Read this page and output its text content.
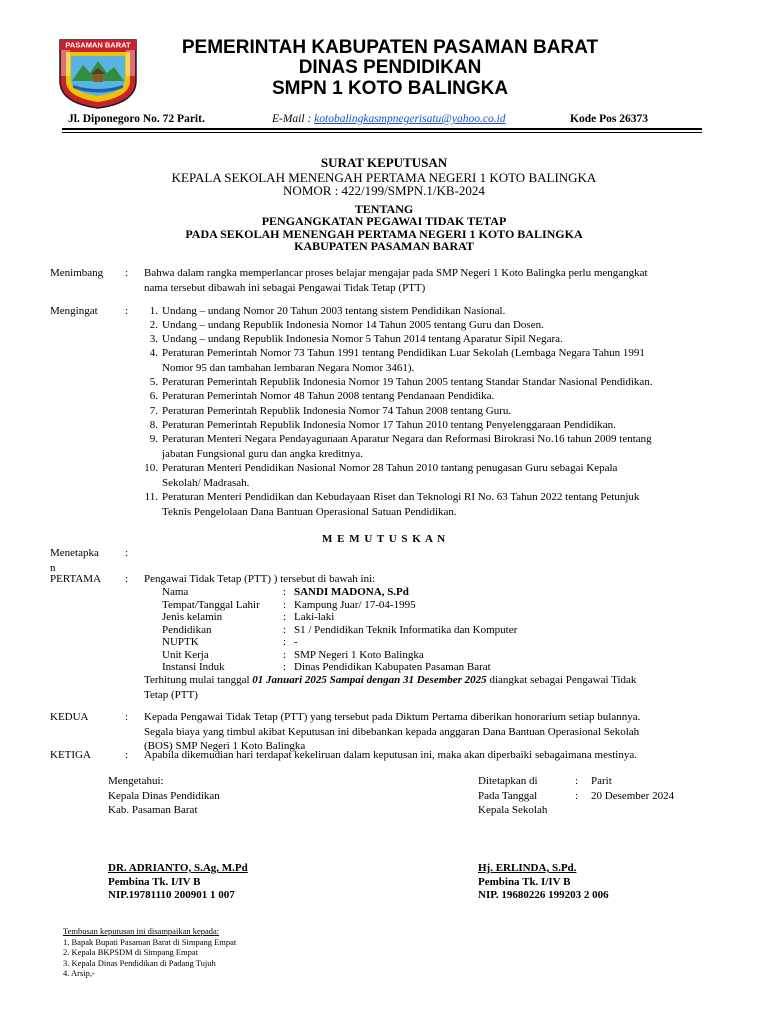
PASAMAN BARAT	PEMERINTAH KABUPATEN PASAMAN BARAT
DINAS PENDIDIKAN
SMPN 1 KOTO BALINGKA
Jl. Diponegoro No. 72 Parit.	E-Mail : kotobalingkasmpnegerisatu@yahoo.co.id	Kode Pos 26373
SURAT KEPUTUSAN
KEPALA SEKOLAH MENENGAH PERTAMA NEGERI 1 KOTO BALINGKA
NOMOR : 422/199/SMPN.1/KB-2024
TENTANG
PENGANGKATAN PEGAWAI TIDAK TETAP
PADA SEKOLAH MENENGAH PERTAMA NEGERI 1 KOTO BALINGKA
KABUPATEN PASAMAN BARAT
Menimbang : Bahwa dalam rangka memperlancar proses belajar mengajar pada SMP Negeri 1 Koto Balingka perlu mengangkat
nama tersebut dibawah ini sebagai Pengawai Tidak Tetap (PTT)
Mengingat :	1. Undang – undang Nomor 20 Tahun 2003 tentang sistem Pendidikan Nasional.
2. Undang – undang Republik Indonesia Nomor 14 Tahun 2005 tentang Guru dan Dosen.
3. Undang – undang Republik Indonesia Nomor 5 Tahun 2014 tentang Aparatur Sipil Negara.
4. Peraturan Pemerintah Nomor 73 Tahun 1991 tentang Pendidikan Luar Sekolah (Lembaga Negara Tahun 1991
Nomor 95 dan tambahan lembaran Negara Nomor 3461).
5. Peraturan Pemerintah Republik Indonesia Nomor 19 Tahun 2005 tentang Standar Standar Nasional Pendidikan.
6. Peraturan Pemerintah Nomor 48 Tahun 2008 tentang Pendanaan Pendidika.
7. Peraturan Pemerintah Republik Indonesia Nomor 74 Tahun 2008 tentang Guru.
8. Peraturan Pemerintah Republik Indonesia Nomor 17 Tahun 2010 tentang Penyelenggaraan Pendidikan.
9. Peraturan Menteri Negara Pendayagunaan Aparatur Negara dan Reformasi Birokrasi No.16 tahun 2009 tentang
jabatan Fungsional guru dan angka kreditnya.
10. Peraturan Menteri Pendidikan Nasional Nomor 28 Tahun 2010 tantang penugasan Guru sebagai Kepala
Sekolah/ Madrasah.
11. Peraturan Menteri Pendidikan dan Kebudayaan Riset dan Teknologi RI No. 63 Tahun 2022 tentang Petunjuk
Teknis Pengelolaan Dana Bantuan Operasional Satuan Pendidikan.
M E M U T U S K A N
Menetapka
n
:
PERTAMA : Pengawai Tidak Tetap (PTT) ) tersebut di bawah ini:
Nama	: SANDI MADONA, S.Pd
Tempat/Tanggal Lahir : Kampung Juar/ 17-04-1995
Jenis kelamin	: Laki-laki
Pendidikan	: S1 / Pendidikan Teknik Informatika dan Komputer
NUPTK	: -
Unit Kerja	: SMP Negeri 1 Koto Balingka
Instansi Induk	: Dinas Pendidikan Kabupaten Pasaman Barat
Terhitung mulai tanggal 01 Januari 2025 Sampai dengan 31 Desember 2025 diangkat sebagai Pengawai Tidak
Tetap (PTT)
KEDUA	: Kepada Pengawai Tidak Tetap (PTT) yang tersebut pada Diktum Pertama diberikan honorarium setiap bulannya.
Segala biaya yang timbul akibat Keputusan ini dibebankan kepada anggaran Dana Bantuan Operasional Sekolah
(BOS) SMP Negeri 1 Koto Balingka
KETIGA	: Apabila dikemudian hari terdapat kekeliruan dalam keputusan ini, maka akan diperbaiki sebagaimana mestinya.
Mengetahui:
Kepala Dinas Pendidikan
Kab. Pasaman Barat
Ditetapkan di	: Parit
Pada Tanggal	: 20 Desember 2024
Kepala Sekolah
DR. ADRIANTO, S.Ag, M.Pd
Pembina Tk. I/IV B
NIP.19781110 200901 1 007
Hj. ERLINDA, S.Pd.
Pembina Tk. I/IV B
NIP. 19680226 199203 2 006
Tembusan keputusan ini disampaikan kepada:
1. Bapak Bupati Pasaman Barat di Simpang Empat
2. Kepala BKPSDM di Simpang Empat
3. Kepala Dinas Pendidikan di Padang Tujuh
4. Arsip,-
